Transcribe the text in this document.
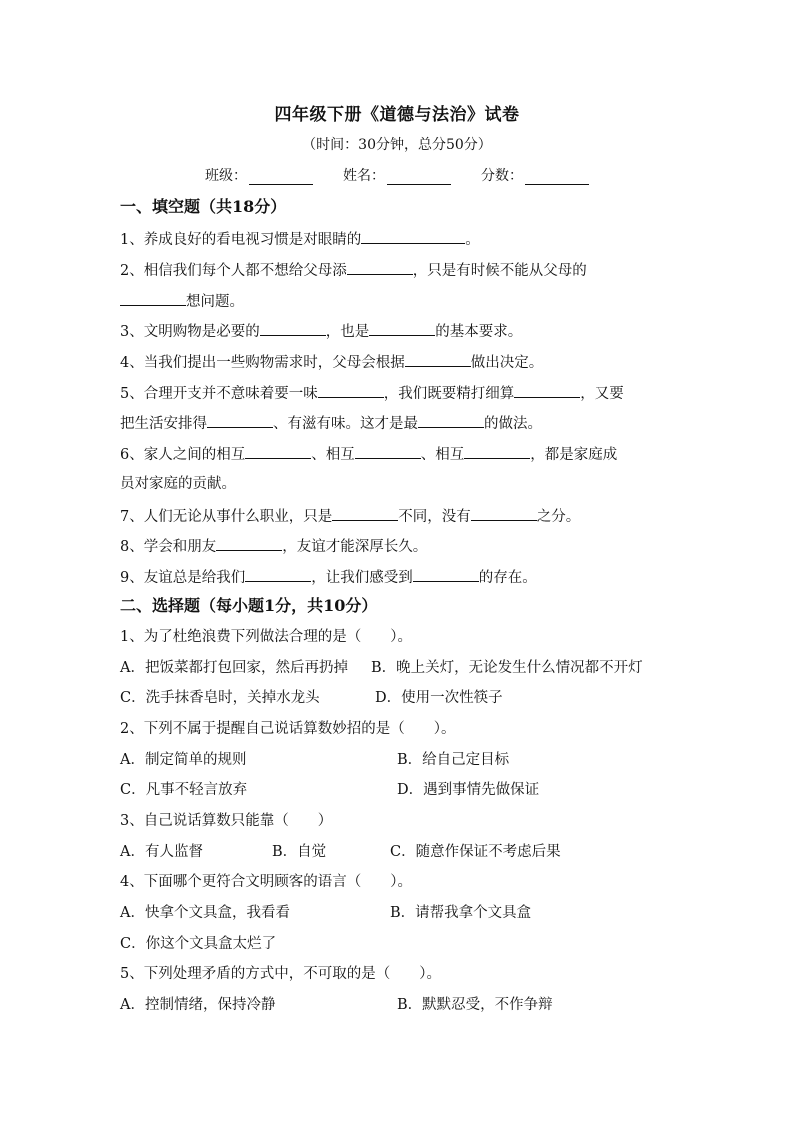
四年级下册《道德与法治》试卷
（时间：30分钟，总分50分）
班级：	姓名：	分数：
一、填空题（共18分）
1、养成良好的看电视习惯是对眼睛的	。
2、相信我们每个人都不想给父母添	，只是有时候不能从父母的
想问题。
3、文明购物是必要的	，也是	的基本要求。
4、当我们提出一些购物需求时，父母会根据	做出决定。
5、合理开支并不意味着要一味	，我们既要精打细算	，又要
把生活安排得	、有滋有味。这才是最	的做法。
6、家人之间的相互	、相互	、相互	，都是家庭成
员对家庭的贡献。
7、人们无论从事什么职业，只是	不同，没有	之分。
8、学会和朋友	，友谊才能深厚长久。
9、友谊总是给我们	，让我们感受到	的存在。
二、选择题（每小题1分，共10分）
1、为了杜绝浪费下列做法合理的是（　　）。
A．把饭菜都打包回家，然后再扔掉	B．晚上关灯，无论发生什么情况都不开灯
C．洗手抹香皂时，关掉水龙头	D．使用一次性筷子
2、下列不属于提醒自己说话算数妙招的是（　　）。
A．制定简单的规则	B．给自己定目标
C．凡事不轻言放弃	D．遇到事情先做保证
3、自己说话算数只能靠（　　）
A．有人监督	B．自觉	C．随意作保证不考虑后果
4、下面哪个更符合文明顾客的语言（　　）。
A．快拿个文具盒，我看看	B．请帮我拿个文具盒
C．你这个文具盒太烂了
5、下列处理矛盾的方式中，不可取的是（　　）。
A．控制情绪，保持冷静	B．默默忍受，不作争辩
